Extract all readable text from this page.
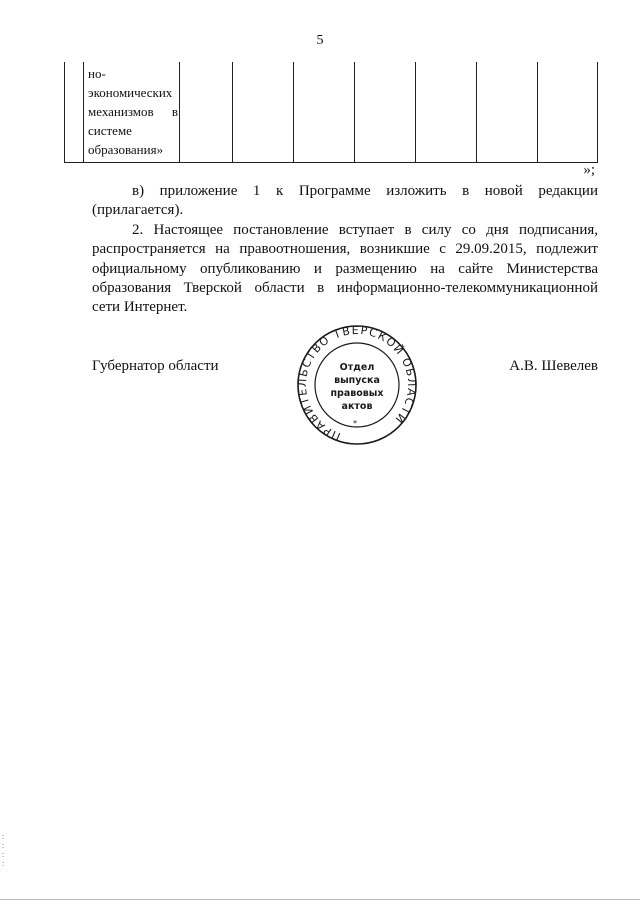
5
но-
экономических
механизмов в
системе
образования»
»;
в) приложение 1 к Программе изложить в новой редакции
(прилагается).
2. Настоящее постановление вступает в силу со дня подписания,
распространяется на правоотношения, возникшие с 29.09.2015, подлежит
официальному опубликованию и размещению на сайте Министерства
образования Тверской области в информационно-телекоммуникационной
сети Интернет.
Губернатор области	А.В. Шевелев
ПРАВИТЕЛЬСТВО ТВЕРСКОЙ ОБЛАСТИ
*
Отдел
выпуска
правовых
актов
:
:
:
:
